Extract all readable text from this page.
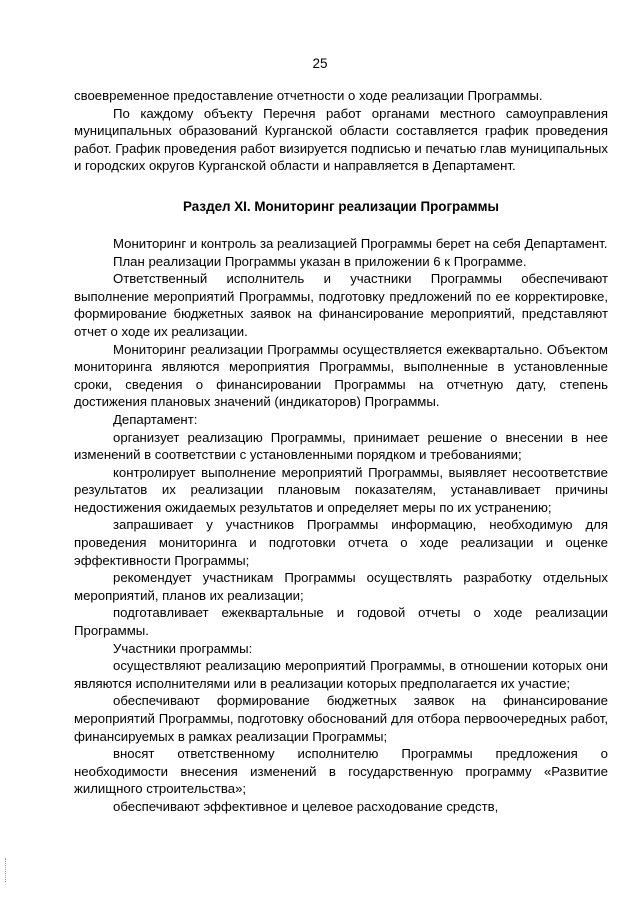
25

своевременное предоставление отчетности о ходе реализации Программы.

По каждому объекту Перечня работ органами местного самоуправления муниципальных образований Курганской области составляется график проведения работ. График проведения работ визируется подписью и печатью глав муниципальных и городских округов Курганской области и направляется в Департамент.

Раздел XI. Мониторинг реализации Программы

Мониторинг и контроль за реализацией Программы берет на себя Департамент.

План реализации Программы указан в приложении 6 к Программе.

Ответственный исполнитель и участники Программы обеспечивают выполнение мероприятий Программы, подготовку предложений по ее корректировке, формирование бюджетных заявок на финансирование мероприятий, представляют отчет о ходе их реализации.

Мониторинг реализации Программы осуществляется ежеквартально. Объектом мониторинга являются мероприятия Программы, выполненные в установленные сроки, сведения о финансировании Программы на отчетную дату, степень достижения плановых значений (индикаторов) Программы.

Департамент:

организует реализацию Программы, принимает решение о внесении в нее изменений в соответствии с установленными порядком и требованиями;

контролирует выполнение мероприятий Программы, выявляет несоответствие результатов их реализации плановым показателям, устанавливает причины недостижения ожидаемых результатов и определяет меры по их устранению;

запрашивает у участников Программы информацию, необходимую для проведения мониторинга и подготовки отчета о ходе реализации и оценке эффективности Программы;

рекомендует участникам Программы осуществлять разработку отдельных мероприятий, планов их реализации;

подготавливает ежеквартальные и годовой отчеты о ходе реализации Программы.

Участники программы:

осуществляют реализацию мероприятий Программы, в отношении которых они являются исполнителями или в реализации которых предполагается их участие;

обеспечивают формирование бюджетных заявок на финансирование мероприятий Программы, подготовку обоснований для отбора первоочередных работ, финансируемых в рамках реализации Программы;

вносят ответственному исполнителю Программы предложения о необходимости внесения изменений в государственную программу «Развитие жилищного строительства»;

обеспечивают эффективное и целевое расходование средств,
